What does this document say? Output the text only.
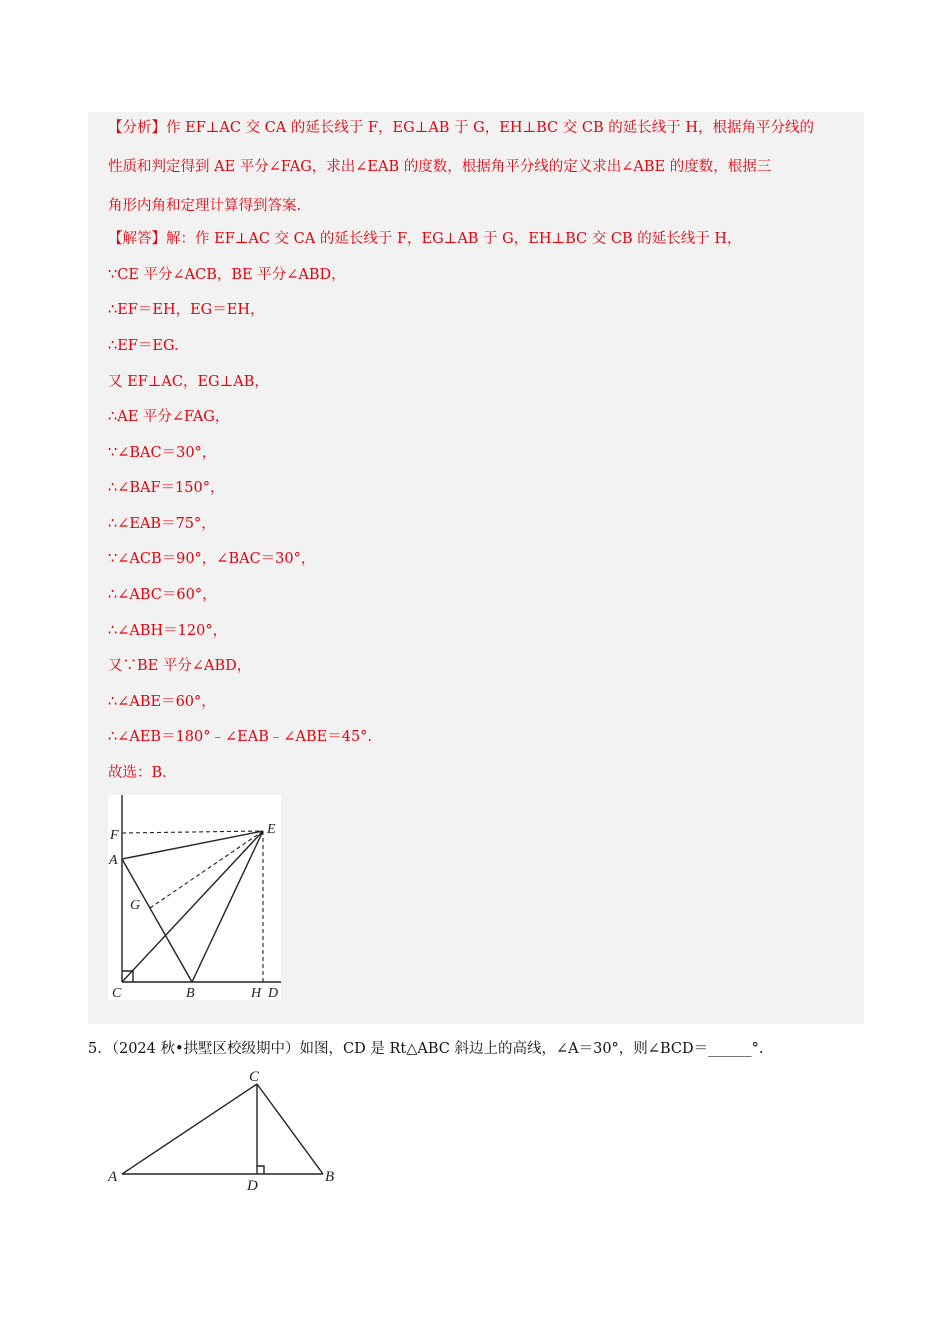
【分析】作 EF⊥AC 交 CA 的延长线于 F，EG⊥AB 于 G，EH⊥BC 交 CB 的延长线于 H，根据角平分线的
性质和判定得到 AE 平分∠FAG，求出∠EAB 的度数，根据角平分线的定义求出∠ABE 的度数，根据三
角形内角和定理计算得到答案.
【解答】解：作 EF⊥AC 交 CA 的延长线于 F，EG⊥AB 于 G，EH⊥BC 交 CB 的延长线于 H，
∵CE 平分∠ACB，BE 平分∠ABD，
∴EF＝EH，EG＝EH，
∴EF＝EG.
又 EF⊥AC，EG⊥AB，
∴AE 平分∠FAG，
∵∠BAC＝30°，
∴∠BAF＝150°，
∴∠EAB＝75°，
∵∠ACB＝90°，∠BAC＝30°，
∴∠ABC＝60°，
∴∠ABH＝120°，
又∵BE 平分∠ABD，
∴∠ABE＝60°，
∴∠AEB＝180°﹣∠EAB﹣∠ABE＝45°.
故选：B.
F	E
A
G
C	B	H D
5．（2024 秋•拱墅区校级期中）如图，CD 是 Rt△ABC 斜边上的高线，∠A＝30°，则∠BCD＝______°.
C
A
D
B
